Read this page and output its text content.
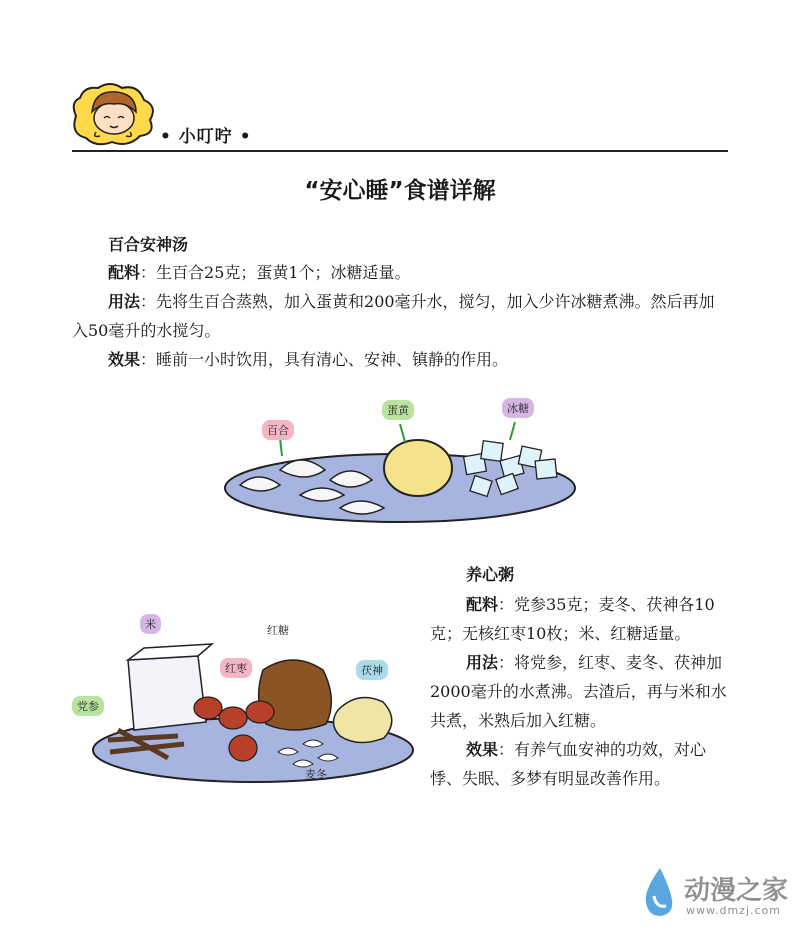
• 小叮咛 •
“安心睡”食谱详解
百合安神汤
配料：生百合25克；蛋黄1个；冰糖适量。
用法：先将生百合蒸熟，加入蛋黄和200毫升水，搅匀，加入少许冰糖煮沸。然后再加入50毫升的水搅匀。
效果：睡前一小时饮用，具有清心、安神、镇静的作用。
百合
蛋黄	冰糖
养心粥
配料：党参35克；麦冬、茯神各10克；无核红枣10枚；米、红糖适量。
用法：将党参，红枣、麦冬、茯神加2000毫升的水煮沸。去渣后，再与米和水共煮，米熟后加入红糖。
效果：有养气血安神的功效，对心悸、失眠、多梦有明显改善作用。
米	红糖
红枣	茯神
党参
麦冬
动漫之家
www.dmzj.com
